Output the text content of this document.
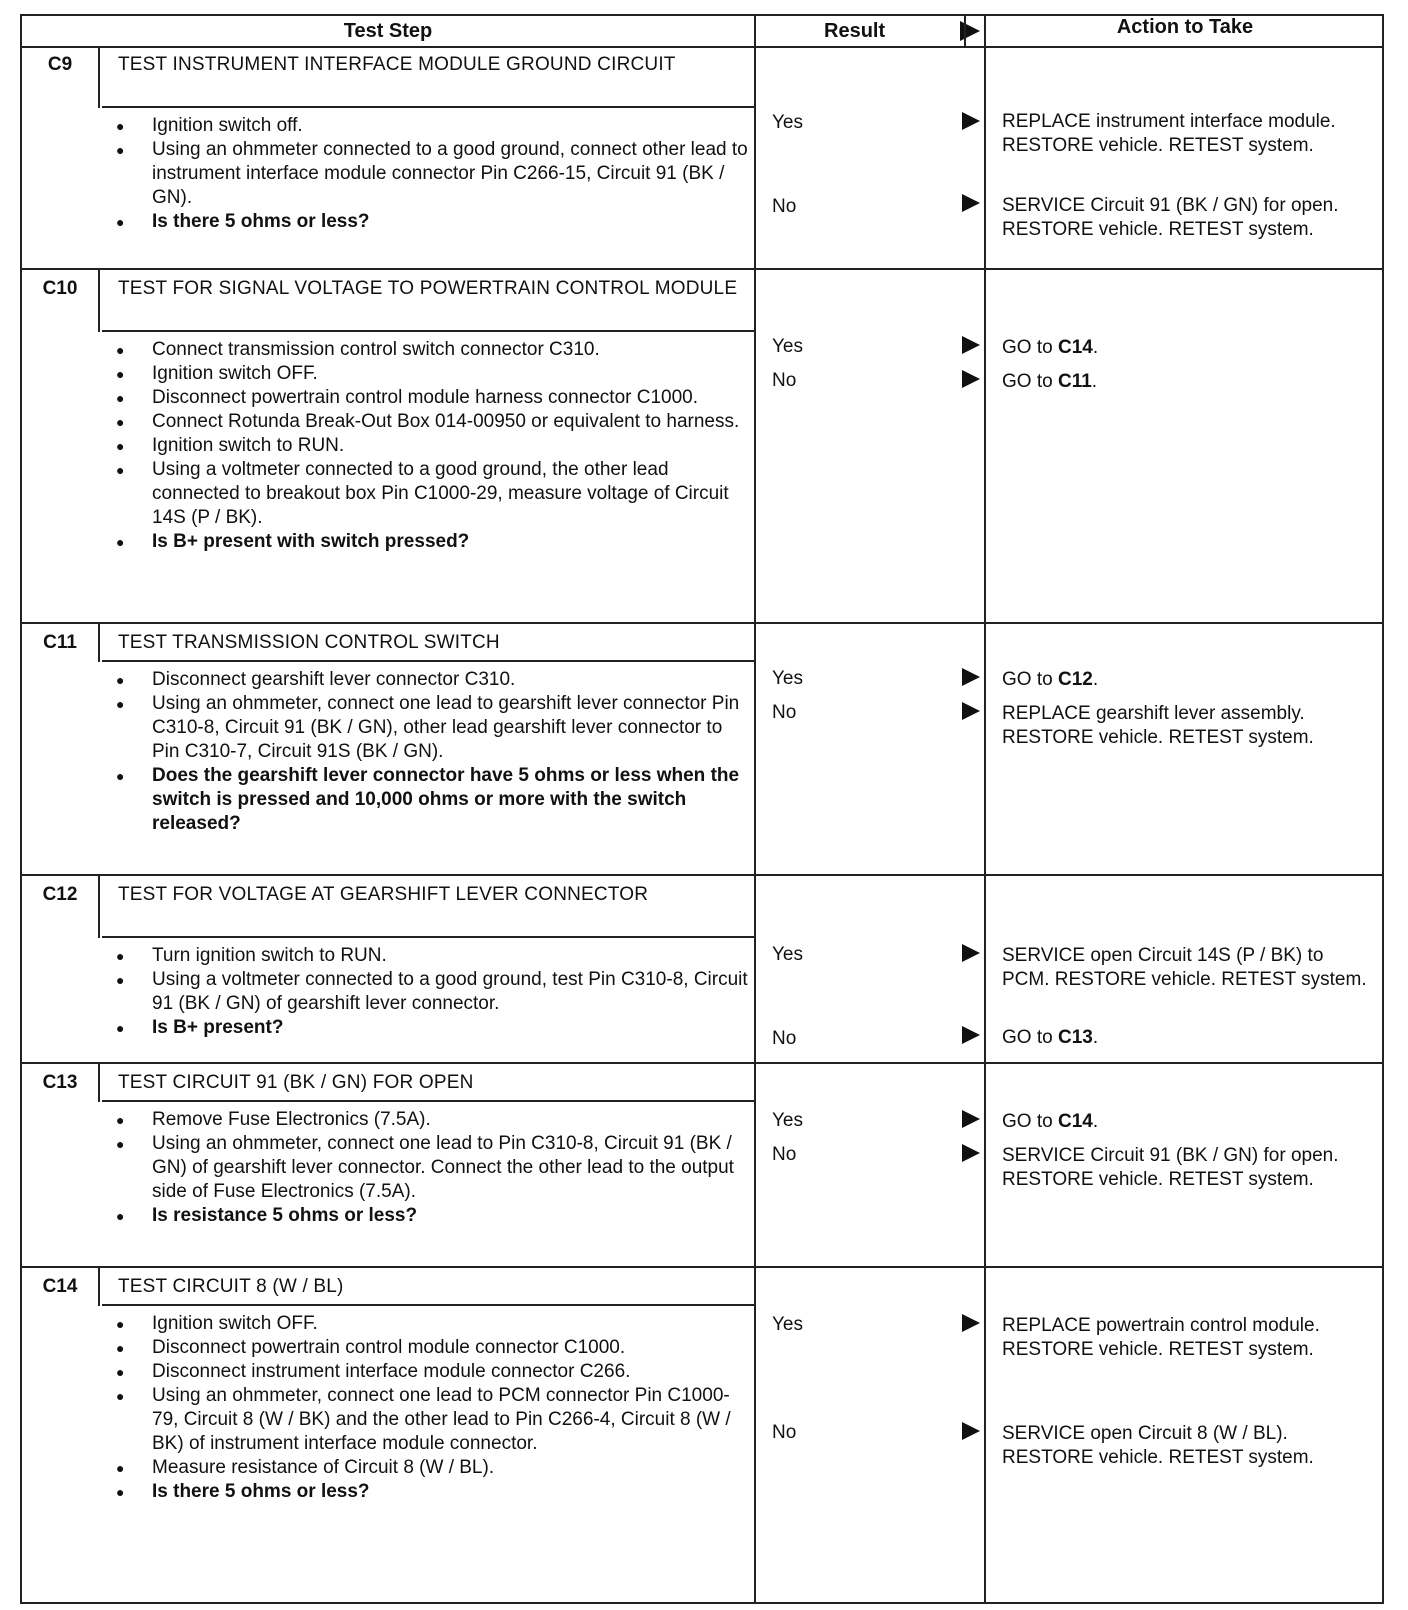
Test Step	Result	Action to Take
C9	TEST INSTRUMENT INTERFACE MODULE GROUND CIRCUIT
● Ignition switch off.
● Using an ohmmeter connected to a good ground, connect other lead to instrument interface module connector Pin C266-15, Circuit 91 (BK / GN).
● Is there 5 ohms or less?
Yes	REPLACE instrument interface module. RESTORE vehicle. RETEST system.
No	SERVICE Circuit 91 (BK / GN) for open. RESTORE vehicle. RETEST system.
C10	TEST FOR SIGNAL VOLTAGE TO POWERTRAIN CONTROL MODULE
● Connect transmission control switch connector C310.
● Ignition switch OFF.
● Disconnect powertrain control module harness connector C1000.
● Connect Rotunda Break-Out Box 014-00950 or equivalent to harness.
● Ignition switch to RUN.
● Using a voltmeter connected to a good ground, the other lead connected to breakout box Pin C1000-29, measure voltage of Circuit 14S (P / BK).
● Is B+ present with switch pressed?
Yes	GO to C14.
No	GO to C11.
C11	TEST TRANSMISSION CONTROL SWITCH
● Disconnect gearshift lever connector C310.
● Using an ohmmeter, connect one lead to gearshift lever connector Pin C310-8, Circuit 91 (BK / GN), other lead gearshift lever connector to Pin C310-7, Circuit 91S (BK / GN).
● Does the gearshift lever connector have 5 ohms or less when the switch is pressed and 10,000 ohms or more with the switch released?
Yes	GO to C12.
No	REPLACE gearshift lever assembly. RESTORE vehicle. RETEST system.
C12	TEST FOR VOLTAGE AT GEARSHIFT LEVER CONNECTOR
● Turn ignition switch to RUN.
● Using a voltmeter connected to a good ground, test Pin C310-8, Circuit 91 (BK / GN) of gearshift lever connector.
● Is B+ present?
Yes	SERVICE open Circuit 14S (P / BK) to PCM. RESTORE vehicle. RETEST system.
No	GO to C13.
C13	TEST CIRCUIT 91 (BK / GN) FOR OPEN
● Remove Fuse Electronics (7.5A).
● Using an ohmmeter, connect one lead to Pin C310-8, Circuit 91 (BK / GN) of gearshift lever connector. Connect the other lead to the output side of Fuse Electronics (7.5A).
● Is resistance 5 ohms or less?
Yes	GO to C14.
No	SERVICE Circuit 91 (BK / GN) for open. RESTORE vehicle. RETEST system.
C14	TEST CIRCUIT 8 (W / BL)
● Ignition switch OFF.
● Disconnect powertrain control module connector C1000.
● Disconnect instrument interface module connector C266.
● Using an ohmmeter, connect one lead to PCM connector Pin C1000-79, Circuit 8 (W / BK) and the other lead to Pin C266-4, Circuit 8 (W / BK) of instrument interface module connector.
● Measure resistance of Circuit 8 (W / BL).
● Is there 5 ohms or less?
Yes	REPLACE powertrain control module. RESTORE vehicle. RETEST system.
No	SERVICE open Circuit 8 (W / BL). RESTORE vehicle. RETEST system.
